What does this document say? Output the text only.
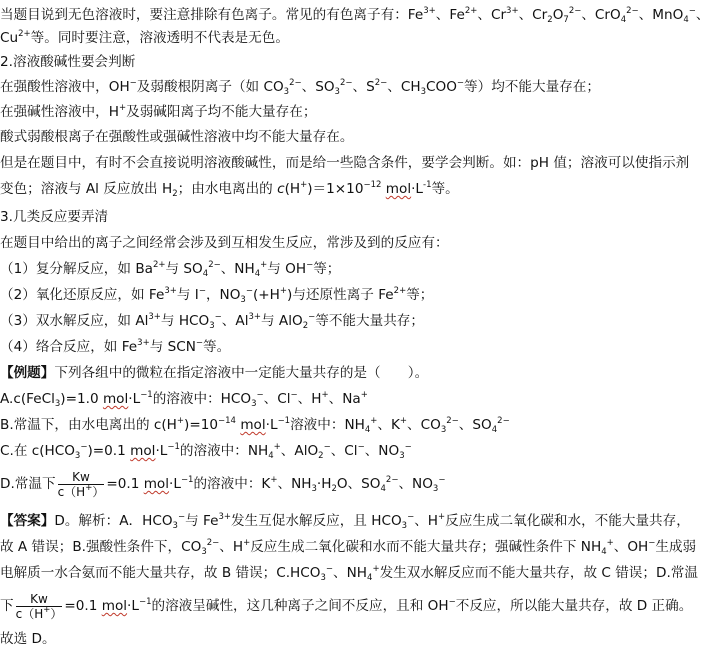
当题目说到无色溶液时，要注意排除有色离子。常见的有色离子有：$Fe^{3+}$、$Fe^{2+}$、$Cr^{3+}$、$Cr_2O_7^{2-}$、CrO$_4^{2-}$、MnO$_4$−、
$Cu^{2+}$等。同时要注意，溶液透明不代表是无色。
2.溶液酸碱性要会判断
在强酸性溶液中，OH−及弱酸根阴离子（如 $CO_3^{2-}$、$SO_3^{2-}$、$S^{2-}$、$CH_3COO^-$等）均不能大量存在；
在强碱性溶液中，H+及弱碱阳离子均不能大量存在；
酸式弱酸根离子在强酸性或强碱性溶液中均不能大量存在。
但是在题目中，有时不会直接说明溶液酸碱性，而是给一些隐含条件，要学会判断。如：pH 值；溶液可以使指示剂
变色；溶液与 Al 反应放出 $H_2$；由水电离出的 $c(H^+)=1\times 10^{-12}$ $mol\cdot L^{-1}$等。
3.几类反应要弄清
在题目中给出的离子之间经常会涉及到互相发生反应，常涉及到的反应有：
（1）复分解反应，如 $Ba^{2+}$与 $SO_4^{2-}$、$NH_4^+$与 OH−等；
（2）氧化还原反应，如 $Fe^{3+}$与 I−，$NO_3^-(+H^+)$与还原性离子 $Fe^{2+}$等；
（3）双水解反应，如 $Al^{3+}$与 $HCO_3^-$、$Al^{3+}$与 AlO$_2$−等不能大量共存；
（4）络合反应，如 $Fe^{3+}$与 SCN−等。
【例题】下列各组中的微粒在指定溶液中一定能大量共存的是（　　）。
A.c(FeCl$_3$)=1.0 $mol\cdot L^{-1}$的溶液中：$HCO_3^-$、Cl−、H+、Na+
B.常温下，由水电离出的 $c(H^+)=10^{-14}$ $mol\cdot L^{-1}$溶液中：$NH_4^+$、K+、$CO_3^{2-}$、$SO_4^{2-}$
C.在 $c(HCO_3^-)=0.1$ $mol\cdot L^{-1}$的溶液中：$NH_4^+$、AlO$_2$−、Cl−、$NO_3^-$
D.常温下 $\frac{Kw}{c(H^+)} =0.1$ $mol\cdot L^{-1}$的溶液中：K+、$NH_3\cdot H_2O$、$SO_4^{2-}$、$NO_3^-$
【答案】D。解析：A．$HCO_3^-$与 $Fe^{3+}$发生互促水解反应，且 $HCO_3^-$、H+反应生成二氧化碳和水，不能大量共存，
故 A 错误；B.强酸性条件下，$CO_3^{2-}$、H+反应生成二氧化碳和水而不能大量共存；强碱性条件下 $NH_4^+$、OH−生成弱
电解质一水合氨而不能大量共存，故 B 错误；$C.HCO_3^-$、$NH_4^+$发生双水解反应而不能大量共存，故 C 错误；D.常温
下 $\frac{Kw}{c(H^+)} =0.1$ $mol\cdot L^{-1}$的溶液呈碱性，这几种离子之间不反应，且和 OH−不反应，所以能大量共存，故 D 正确。
故选 D。
